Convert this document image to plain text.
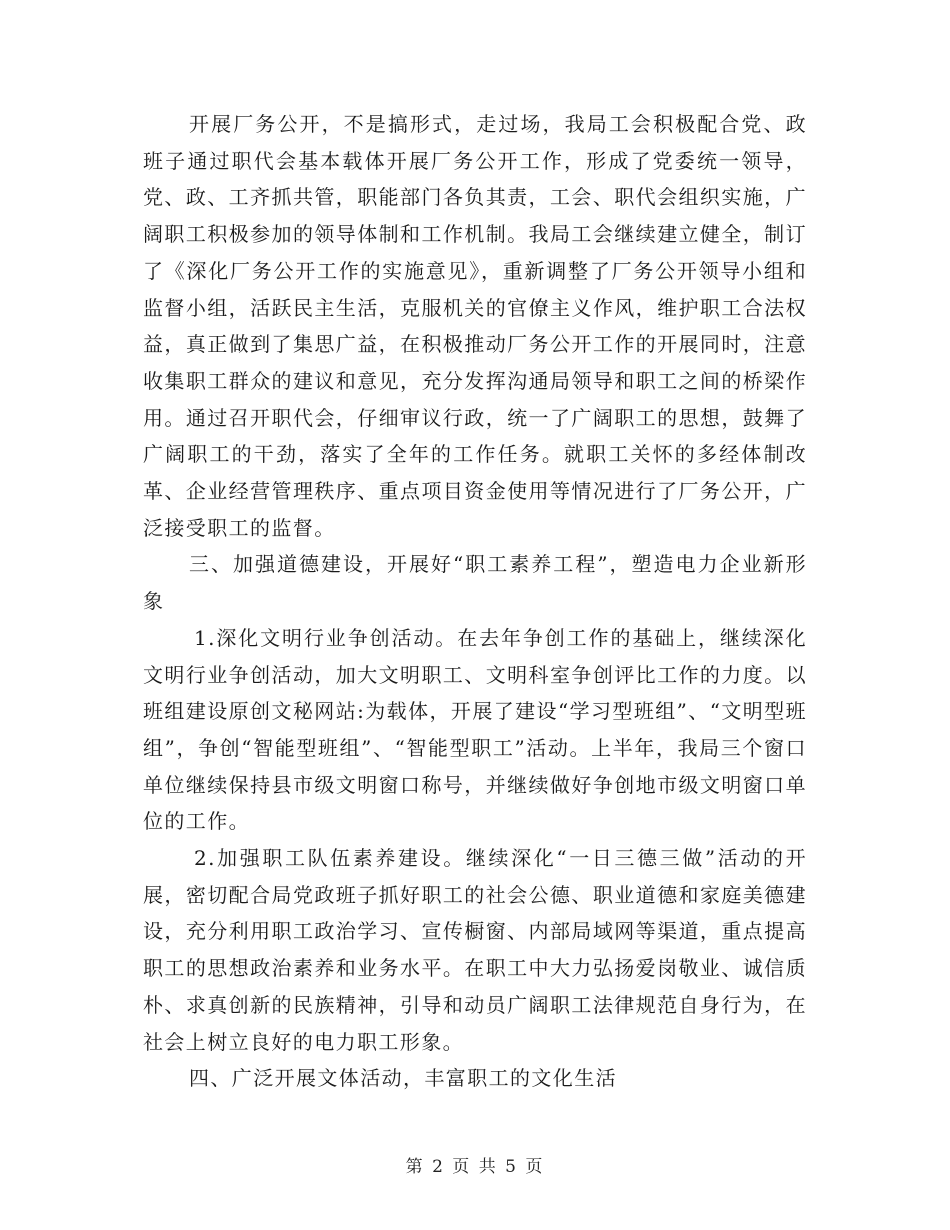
开展厂务公开，不是搞形式，走过场，我局工会积极配合党、政班子通过职代会基本载体开展厂务公开工作，形成了党委统一领导，党、政、工齐抓共管，职能部门各负其责，工会、职代会组织实施，广阔职工积极参加的领导体制和工作机制。我局工会继续建立健全，制订了《深化厂务公开工作的实施意见》，重新调整了厂务公开领导小组和监督小组，活跃民主生活，克服机关的官僚主义作风，维护职工合法权益，真正做到了集思广益，在积极推动厂务公开工作的开展同时，注意收集职工群众的建议和意见，充分发挥沟通局领导和职工之间的桥梁作用。通过召开职代会，仔细审议行政，统一了广阔职工的思想，鼓舞了广阔职工的干劲，落实了全年的工作任务。就职工关怀的多经体制改革、企业经营管理秩序、重点项目资金使用等情况进行了厂务公开，广泛接受职工的监督。

三、加强道德建设，开展好“职工素养工程”，塑造电力企业新形象

1.深化文明行业争创活动。在去年争创工作的基础上，继续深化文明行业争创活动，加大文明职工、文明科室争创评比工作的力度。以班组建设原创文秘网站:为载体，开展了建设“学习型班组”、“文明型班组”，争创“智能型班组”、“智能型职工”活动。上半年，我局三个窗口单位继续保持县市级文明窗口称号，并继续做好争创地市级文明窗口单位的工作。

2.加强职工队伍素养建设。继续深化“一日三德三做”活动的开展，密切配合局党政班子抓好职工的社会公德、职业道德和家庭美德建设，充分利用职工政治学习、宣传橱窗、内部局域网等渠道，重点提高职工的思想政治素养和业务水平。在职工中大力弘扬爱岗敬业、诚信质朴、求真创新的民族精神，引导和动员广阔职工法律规范自身行为，在社会上树立良好的电力职工形象。

四、广泛开展文体活动，丰富职工的文化生活

第 2 页 共 5 页
